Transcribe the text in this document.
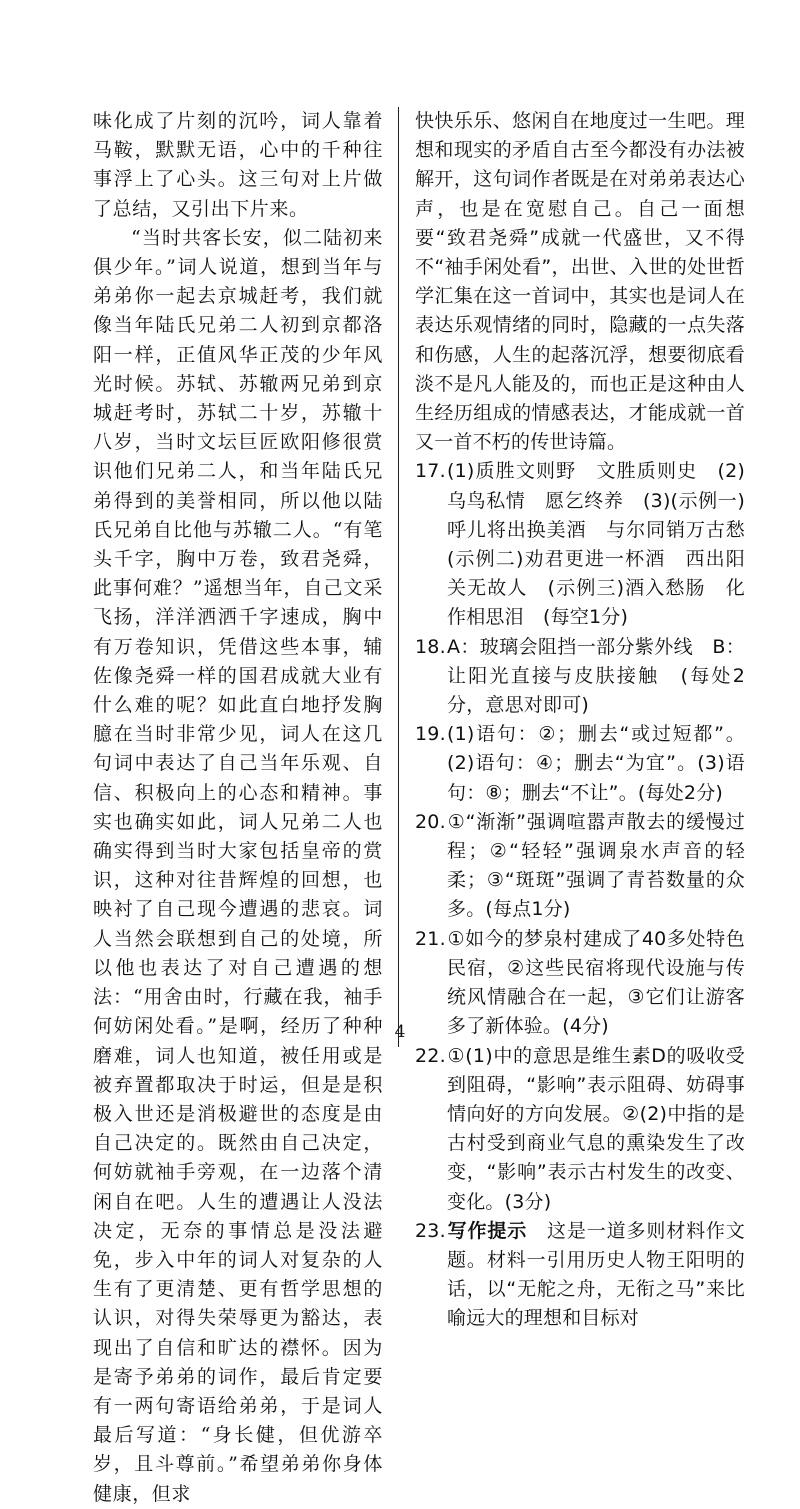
味化成了片刻的沉吟，词人靠着马鞍，默默无语，心中的千种往事浮上了心头。这三句对上片做了总结，又引出下片来。

“当时共客长安，似二陆初来俱少年。”词人说道，想到当年与弟弟你一起去京城赶考，我们就像当年陆氏兄弟二人初到京都洛阳一样，正值风华正茂的少年风光时候。苏轼、苏辙两兄弟到京城赶考时，苏轼二十岁，苏辙十八岁，当时文坛巨匠欧阳修很赏识他们兄弟二人，和当年陆氏兄弟得到的美誉相同，所以他以陆氏兄弟自比他与苏辙二人。“有笔头千字，胸中万卷，致君尧舜，此事何难？”遥想当年，自己文采飞扬，洋洋洒洒千字速成，胸中有万卷知识，凭借这些本事，辅佐像尧舜一样的国君成就大业有什么难的呢？如此直白地抒发胸臆在当时非常少见，词人在这几句词中表达了自己当年乐观、自信、积极向上的心态和精神。事实也确实如此，词人兄弟二人也确实得到当时大家包括皇帝的赏识，这种对往昔辉煌的回想，也映衬了自己现今遭遇的悲哀。词人当然会联想到自己的处境，所以他也表达了对自己遭遇的想法：“用舍由时，行藏在我，袖手何妨闲处看。”是啊，经历了种种磨难，词人也知道，被任用或是被弃置都取决于时运，但是是积极入世还是消极避世的态度是由自己决定的。既然由自己决定，何妨就袖手旁观，在一边落个清闲自在吧。人生的遭遇让人没法决定，无奈的事情总是没法避免，步入中年的词人对复杂的人生有了更清楚、更有哲学思想的认识，对得失荣辱更为豁达，表现出了自信和旷达的襟怀。因为是寄予弟弟的词作，最后肯定要有一两句寄语给弟弟，于是词人最后写道：“身长健，但优游卒岁，且斗尊前。”希望弟弟你身体健康，但求

快快乐乐、悠闲自在地度过一生吧。理想和现实的矛盾自古至今都没有办法被解开，这句词作者既是在对弟弟表达心声，也是在宽慰自己。自己一面想要“致君尧舜”成就一代盛世，又不得不“袖手闲处看”，出世、入世的处世哲学汇集在这一首词中，其实也是词人在表达乐观情绪的同时，隐藏的一点失落和伤感，人生的起落沉浮，想要彻底看淡不是凡人能及的，而也正是这种由人生经历组成的情感表达，才能成就一首又一首不朽的传世诗篇。

17.(1)质胜文则野　文胜质则史　(2)乌鸟私情　愿乞终养　(3)(示例一)呼儿将出换美酒　与尔同销万古愁　(示例二)劝君更进一杯酒　西出阳关无故人　(示例三)酒入愁肠　化作相思泪　(每空1分)

18.A：玻璃会阻挡一部分紫外线　B：让阳光直接与皮肤接触　(每处2分，意思对即可)

19.(1)语句：②；删去“或过短都”。(2)语句：④；删去“为宜”。(3)语句：⑧；删去“不让”。(每处2分)

20.①“渐渐”强调喧嚣声散去的缓慢过程；②“轻轻”强调泉水声音的轻柔；③“斑斑”强调了青苔数量的众多。(每点1分)

21.①如今的梦泉村建成了40多处特色民宿，②这些民宿将现代设施与传统风情融合在一起，③它们让游客多了新体验。(4分)

22.①(1)中的意思是维生素D的吸收受到阻碍，“影响”表示阻碍、妨碍事情向好的方向发展。②(2)中指的是古村受到商业气息的熏染发生了改变，“影响”表示古村发生的改变、变化。(3分)

23.写作提示　这是一道多则材料作文题。材料一引用历史人物王阳明的话，以“无舵之舟，无衔之马”来比喻远大的理想和目标对

4
